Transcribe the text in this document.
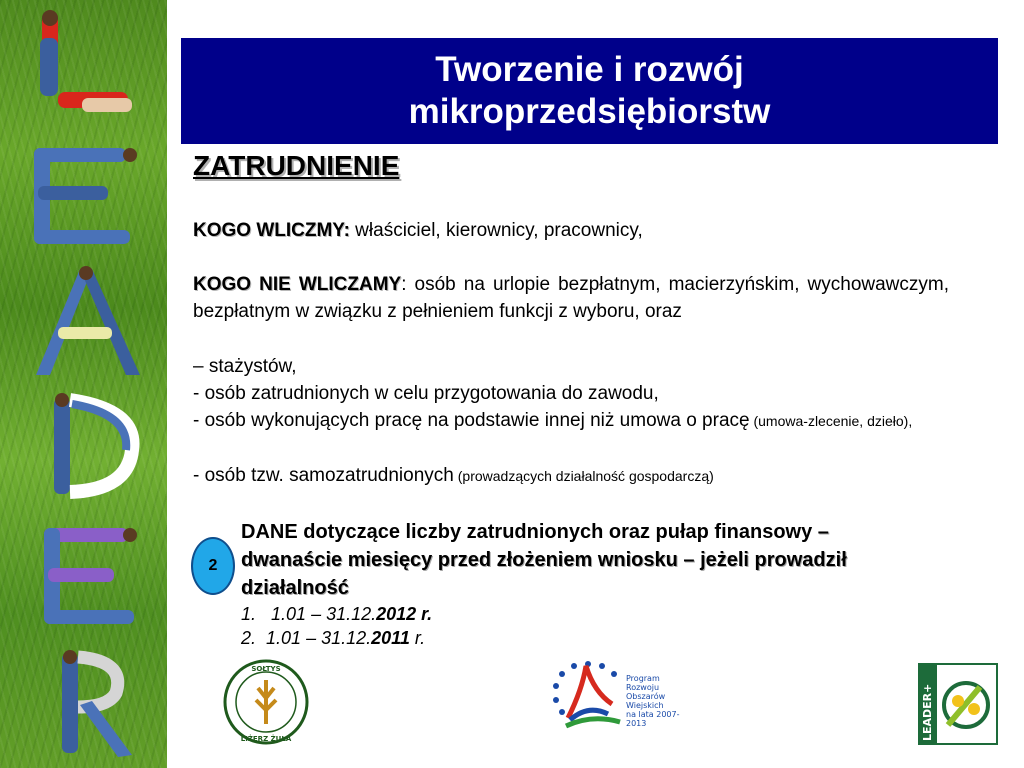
Tworzenie i rozwój
mikroprzedsiębiorstw
ZATRUDNIENIE
KOGO WLICZMY: właściciel, kierownicy, pracownicy,
KOGO NIE WLICZAMY: osób na urlopie bezpłatnym, macierzyńskim, wychowawczym, bezpłatnym w związku z pełnieniem funkcji z wyboru, oraz
– stażystów,
- osób zatrudnionych w celu przygotowania do zawodu,
- osób wykonujących pracę na podstawie innej niż umowa o pracę (umowa-zlecenie, dzieło),
- osób tzw. samozatrudnionych (prowadzących działalność gospodarczą)
2
DANE dotyczące liczby zatrudnionych oraz pułap finansowy – dwanaście miesięcy przed złożeniem wniosku – jeżeli prowadził działalność
1. 1.01 – 31.12.2012 r.
2. 1.01 – 31.12.2011 r.
SOŁTYS
LIŻERZ ŻUŁA
Program
Rozwoju
Obszarów
Wiejskich
na lata 2007-2013	LEADER+
